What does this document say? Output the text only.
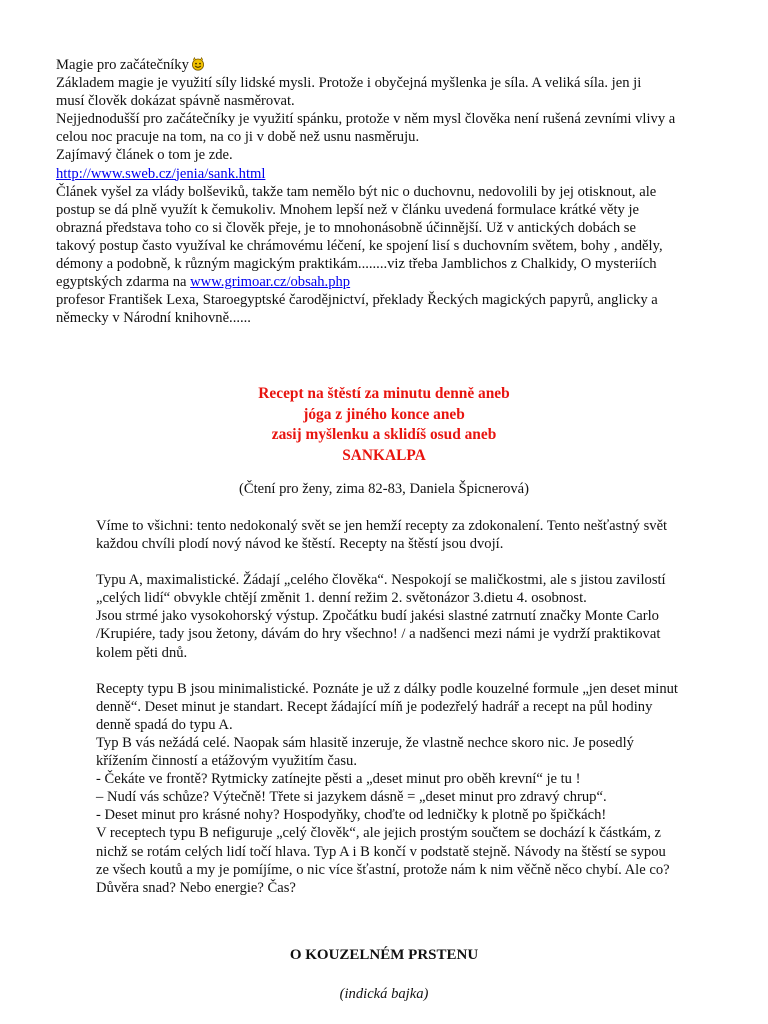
Magie pro začátečníky

Základem magie je využití síly lidské mysli. Protože i obyčejná myšlenka je síla. A veliká síla. jen ji

musí člověk dokázat spávně nasměrovat.

Nejjednodušší pro začátečníky je využití spánku, protože v něm mysl člověka není rušená zevními vlivy a

celou noc pracuje na tom, na co ji v době než usnu nasměruju.

Zajímavý článek o tom je zde.

http://www.sweb.cz/jenia/sank.html

Článek vyšel za vlády bolševiků, takže tam nemělo být nic o duchovnu, nedovolili by jej otisknout, ale

postup se dá plně využít k čemukoliv. Mnohem lepší než v článku uvedená formulace krátké věty je

obrazná představa toho co si člověk přeje, je to mnohonásobně účinnější. Už v antických dobách se

takový postup často využíval ke chrámovému léčení, ke spojení lisí s duchovním světem, bohy , anděly,

démony a podobně, k různým magickým praktikám........viz třeba Jamblichos z Chalkidy, O mysteriích

egyptských zdarma na www.grimoar.cz/obsah.php

profesor František Lexa, Staroegyptské čarodějnictví, překlady Řeckých magických papyrů, anglicky a

německy v Národní knihovně......

Recept na štěstí za minutu denně aneb

jóga z jiného konce aneb

zasij myšlenku a sklidíš osud aneb

SANKALPA

(Čtení pro ženy, zima 82-83, Daniela Špicnerová)

Víme to všichni: tento nedokonalý svět se jen hemží recepty za zdokonalení. Tento nešťastný svět

každou chvíli plodí nový návod ke štěstí. Recepty na štěstí jsou dvojí.

Typu A, maximalistické. Žádají „celého člověka“. Nespokojí se maličkostmi, ale s jistou zavilostí

„celých lidí“ obvykle chtějí změnit 1. denní režim 2. světonázor 3.dietu 4. osobnost.

Jsou strmé jako vysokohorský výstup. Zpočátku budí jakési slastné zatrnutí značky Monte Carlo

/Krupiére, tady jsou žetony, dávám do hry všechno! / a nadšenci mezi námi je vydrží praktikovat

kolem pěti dnů.

Recepty typu B jsou minimalistické. Poznáte je už z dálky podle kouzelné formule „jen deset minut

denně“. Deset minut je standart. Recept žádající míň je podezřelý hadrář a recept na půl hodiny

denně spadá do typu A.

Typ B vás nežádá celé. Naopak sám hlasitě inzeruje, že vlastně nechce skoro nic. Je posedlý

křížením činností a etážovým využitím času.

- Čekáte ve frontě? Rytmicky zatínejte pěsti a „deset minut pro oběh krevní“ je tu !

– Nudí vás schůze? Výtečně! Třete si jazykem dásně = „deset minut pro zdravý chrup“.

- Deset minut pro krásné nohy? Hospodyňky, choďte od ledničky k plotně po špičkách!

V receptech typu B nefiguruje „celý člověk“, ale jejich prostým součtem se dochází k částkám, z

nichž se rotám celých lidí točí hlava. Typ A i B končí v podstatě stejně. Návody na štěstí se sypou

ze všech koutů a my je pomíjíme, o nic více šťastní, protože nám k nim věčně něco chybí. Ale co?

Důvěra snad? Nebo energie? Čas?

O KOUZELNÉM PRSTENU

(indická bajka)
